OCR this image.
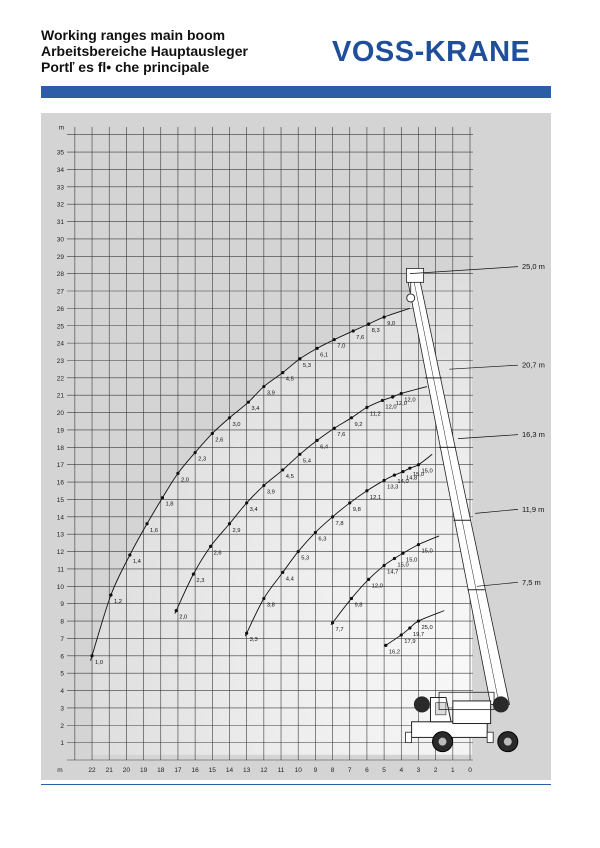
Working ranges main boom
Arbeitsbereiche Hauptausleger
Portľ es fl• che principale	VOSS-KRANE
1
2
3
4
5
6
7
8
9
10
11
12
13
14
15
16
17
18
19
20
21
22
23
24
25
26
27
28
29
30
31
32
33
34
35
m
22 21 20 19 18 17 16 15 14 13 12 11 10 9 8 7 6 5 4 3 2 1 0
m
1,0
1,2
1,4
1,6
1,8
2,0
2,3
2,6
3,0
3,4
3,9
4,5
5,3
6,1
7,0
7,6
8,3
9,0
2,0
2,3
2,6
2,9
3,4
3,9
4,5
5,4
6,4
7,6
9,2
11,2
12,0
12,0
12,0
3,3
3,8
4,4
5,3
6,3
7,8
9,8
12,1
13,3
14,0
14,8
15,0
15,0
7,7
9,8
12,0
14,7
15,0
15,0
15,0
16,2
17,9
19,7
25,0
25,0 m
20,7 m
16,3 m
11,9 m
7,5 m
